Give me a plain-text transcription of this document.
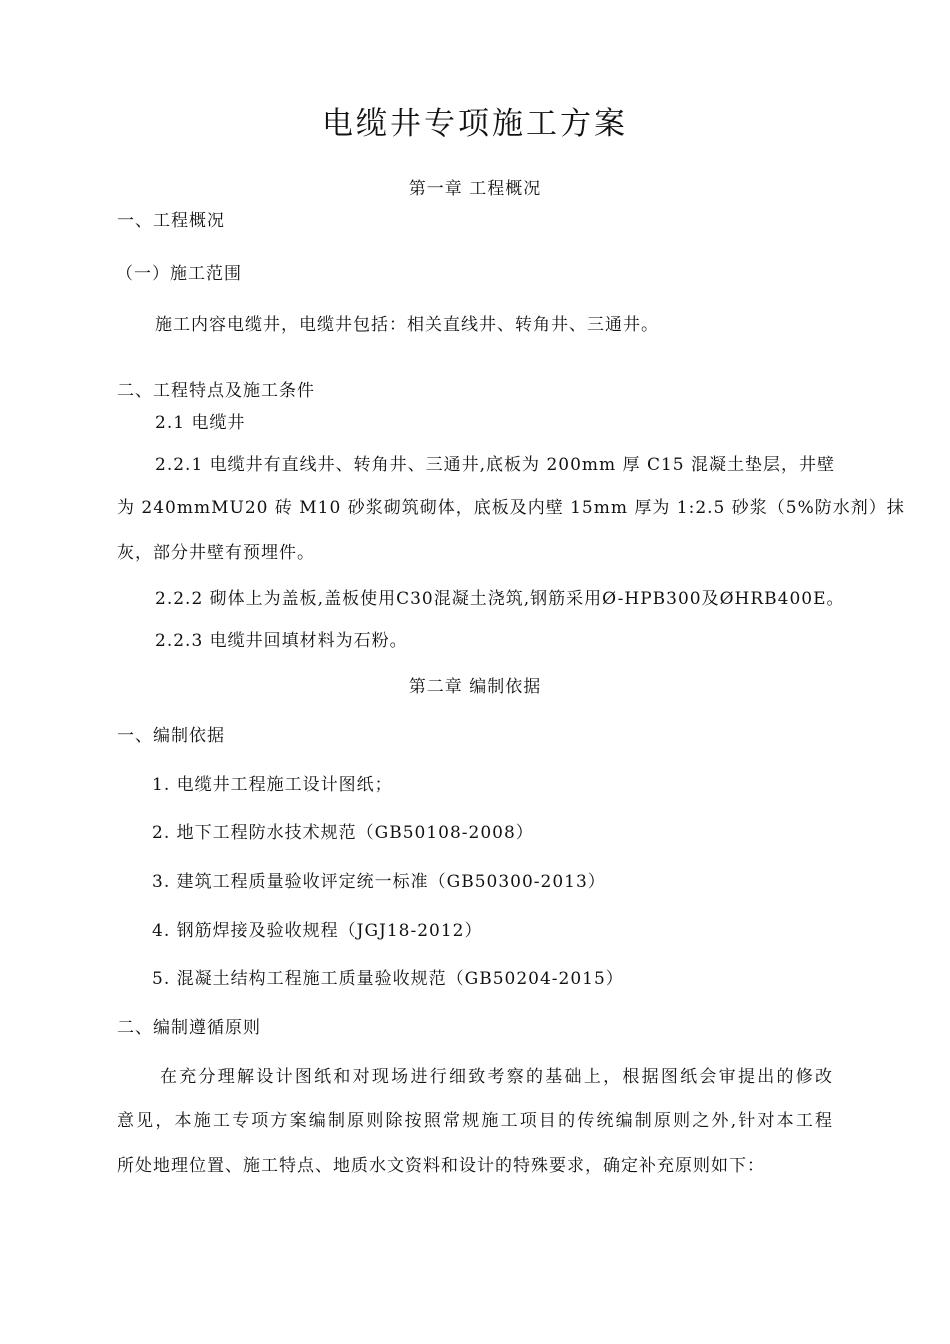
电缆井专项施工方案
第一章 工程概况
一、工程概况
（一）施工范围
施工内容电缆井，电缆井包括：相关直线井、转角井、三通井。
二、工程特点及施工条件
2.1 电缆井
2.2.1 电缆井有直线井、转角井、三通井,底板为 200mm 厚 C15 混凝土垫层，井壁
为 240mmMU20 砖 M10 砂浆砌筑砌体，底板及内壁 15mm 厚为 1:2.5 砂浆（5%防水剂）抹
灰，部分井壁有预埋件。
2.2.2 砌体上为盖板,盖板使用C30混凝土浇筑,钢筋采用Ø-HPB300及ØHRB400E。
2.2.3 电缆井回填材料为石粉。
第二章 编制依据
一、编制依据
1. 电缆井工程施工设计图纸；
2. 地下工程防水技术规范（GB50108-2008）
3. 建筑工程质量验收评定统一标准（GB50300-2013）
4. 钢筋焊接及验收规程（JGJ18-2012）
5. 混凝土结构工程施工质量验收规范（GB50204-2015）
二、编制遵循原则
在充分理解设计图纸和对现场进行细致考察的基础上，根据图纸会审提出的修改
意见，本施工专项方案编制原则除按照常规施工项目的传统编制原则之外,针对本工程
所处地理位置、施工特点、地质水文资料和设计的特殊要求，确定补充原则如下：
